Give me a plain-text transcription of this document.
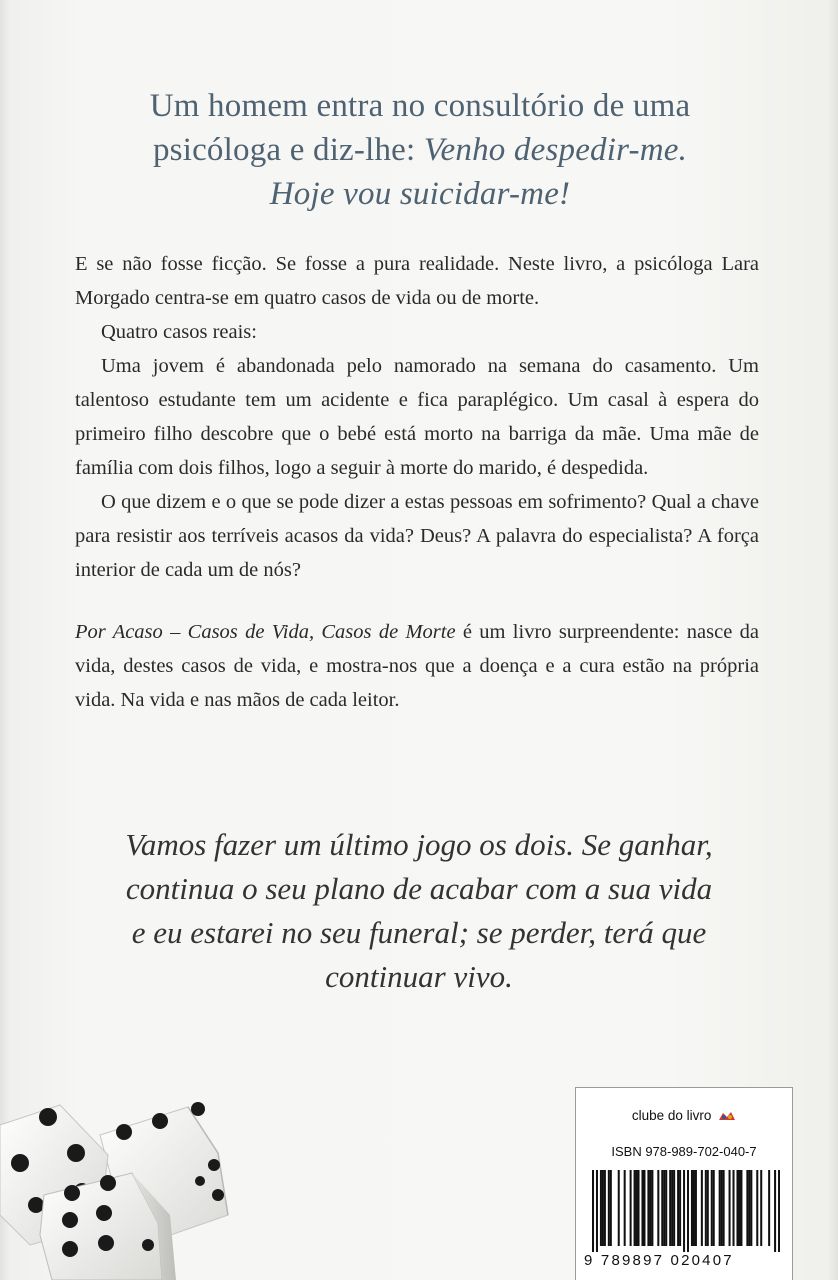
Um homem entra no consultório de uma
psicóloga e diz-lhe: Venho despedir-me.
Hoje vou suicidar-me!

E se não fosse ficção. Se fosse a pura realidade. Neste livro, a psicóloga Lara Morgado centra-se em quatro casos de vida ou de morte.

Quatro casos reais:

Uma jovem é abandonada pelo namorado na semana do casamento. Um talentoso estudante tem um acidente e fica paraplégico. Um casal à espera do primeiro filho descobre que o bebé está morto na barriga da mãe. Uma mãe de família com dois filhos, logo a seguir à morte do marido, é despedida.

O que dizem e o que se pode dizer a estas pessoas em sofrimento? Qual a chave para resistir aos terríveis acasos da vida? Deus? A palavra do especialista? A força interior de cada um de nós?

Por Acaso – Casos de Vida, Casos de Morte é um livro surpreendente: nasce da vida, destes casos de vida, e mostra-nos que a doença e a cura estão na própria vida. Na vida e nas mãos de cada leitor.

Vamos fazer um último jogo os dois. Se ganhar,
continua o seu plano de acabar com a sua vida
e eu estarei no seu funeral; se perder, terá que
continuar vivo.
clube do livro
ISBN 978-989-702-040-7
9 789897 020407
